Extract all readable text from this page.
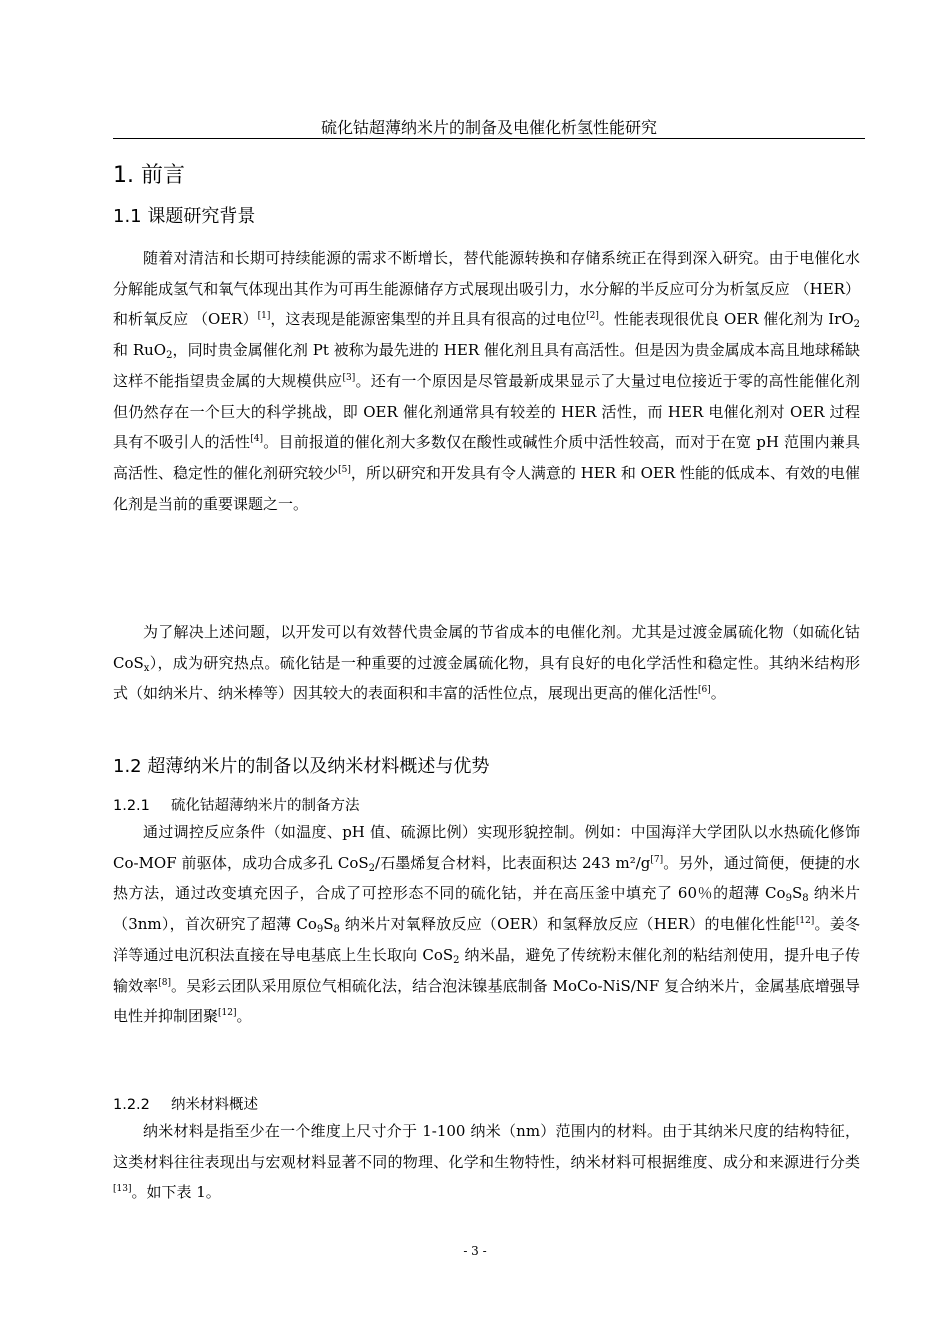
硫化钴超薄纳米片的制备及电催化析氢性能研究
1. 前言
1.1 课题研究背景

随着对清洁和长期可持续能源的需求不断增长，替代能源转换和存储系统正在得到深入研究。由于电催化水分解能成氢气和氧气体现出其作为可再生能源储存方式展现出吸引力，水分解的半反应可分为析氢反应 （HER） 和析氧反应 （OER）[1]，这表现是能源密集型的并且具有很高的过电位[2]。性能表现很优良 OER 催化剂为 IrO$_2$ 和 RuO$_2$，同时贵金属催化剂 Pt 被称为最先进的 HER 催化剂且具有高活性。但是因为贵金属成本高且地球稀缺这样不能指望贵金属的大规模供应[3]。还有一个原因是尽管最新成果显示了大量过电位接近于零的高性能催化剂但仍然存在一个巨大的科学挑战，即 OER 催化剂通常具有较差的 HER 活性，而 HER 电催化剂对 OER 过程具有不吸引人的活性[4]。目前报道的催化剂大多数仅在酸性或碱性介质中活性较高，而对于在宽 pH 范围内兼具高活性、稳定性的催化剂研究较少[5]，所以研究和开发具有令人满意的 HER 和 OER 性能的低成本、有效的电催化剂是当前的重要课题之一。

为了解决上述问题，以开发可以有效替代贵金属的节省成本的电催化剂。尤其是过渡金属硫化物（如硫化钴 CoS$_x$），成为研究热点。硫化钴是一种重要的过渡金属硫化物，具有良好的电化学活性和稳定性。其纳米结构形式（如纳米片、纳米棒等）因其较大的表面积和丰富的活性位点，展现出更高的催化活性[6]。

1.2 超薄纳米片的制备以及纳米材料概述与优势
1.2.1 硫化钴超薄纳米片的制备方法

通过调控反应条件（如温度、pH 值、硫源比例）实现形貌控制。例如：中国海洋大学团队以水热硫化修饰 Co-MOF 前驱体，成功合成多孔 CoS$_2$/石墨烯复合材料，比表面积达 243 m²/g[7]。另外，通过简便，便捷的水热方法，通过改变填充因子，合成了可控形态不同的硫化钴，并在高压釜中填充了 60％的超薄 $Co_9S_8$ 纳米片（3nm），首次研究了超薄 $Co_9S_8$ 纳米片对氧释放反应（OER）和氢释放反应（HER）的电催化性能[12]。姜冬洋等通过电沉积法直接在导电基底上生长取向 CoS$_2$ 纳米晶，避免了传统粉末催化剂的粘结剂使用，提升电子传输效率[8]。吴彩云团队采用原位气相硫化法，结合泡沫镍基底制备 MoCo-NiS/NF 复合纳米片，金属基底增强导电性并抑制团聚[12]。

1.2.2 纳米材料概述

纳米材料是指至少在一个维度上尺寸介于 1-100 纳米（nm）范围内的材料。由于其纳米尺度的结构特征，这类材料往往表现出与宏观材料显著不同的物理、化学和生物特性，纳米材料可根据维度、成分和来源进行分类[13]。如下表 1。

- 3 -
